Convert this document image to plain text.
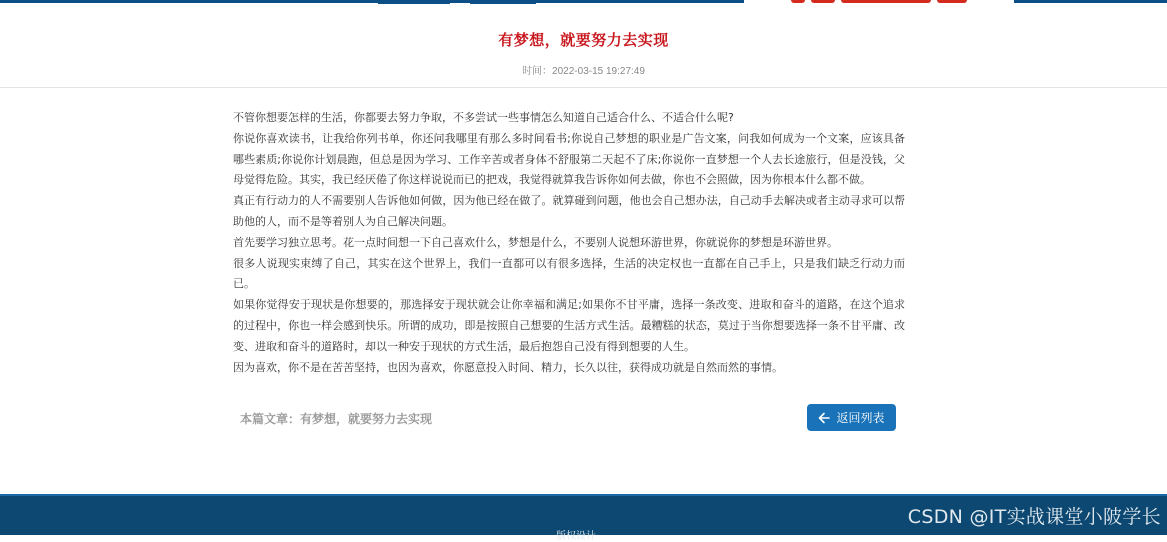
有梦想，就要努力去实现
时间：2022-03-15 19:27:49

不管你想要怎样的生活，你都要去努力争取，不多尝试一些事情怎么知道自己适合什么、不适合什么呢?

你说你喜欢读书，让我给你列书单，你还问我哪里有那么多时间看书;你说自己梦想的职业是广告文案，问我如何成为一个文案，应该具备哪些素质;你说你计划晨跑，但总是因为学习、工作辛苦或者身体不舒服第二天起不了床;你说你一直梦想一个人去长途旅行，但是没钱，父母觉得危险。其实，我已经厌倦了你这样说说而已的把戏，我觉得就算我告诉你如何去做，你也不会照做，因为你根本什么都不做。

真正有行动力的人不需要别人告诉他如何做，因为他已经在做了。就算碰到问题，他也会自己想办法，自己动手去解决或者主动寻求可以帮助他的人，而不是等着别人为自己解决问题。

首先要学习独立思考。花一点时间想一下自己喜欢什么，梦想是什么，不要别人说想环游世界，你就说你的梦想是环游世界。

很多人说现实束缚了自己，其实在这个世界上，我们一直都可以有很多选择，生活的决定权也一直都在自己手上，只是我们缺乏行动力而已。

如果你觉得安于现状是你想要的，那选择安于现状就会让你幸福和满足;如果你不甘平庸，选择一条改变、进取和奋斗的道路，在这个追求的过程中，你也一样会感到快乐。所谓的成功，即是按照自己想要的生活方式生活。最糟糕的状态，莫过于当你想要选择一条不甘平庸、改变、进取和奋斗的道路时，却以一种安于现状的方式生活，最后抱怨自己没有得到想要的人生。

因为喜欢，你不是在苦苦坚持，也因为喜欢，你愿意投入时间、精力，长久以往，获得成功就是自然而然的事情。

本篇文章：有梦想，就要努力去实现	返回列表
版权设计
CSDN @IT实战课堂小陂学长
